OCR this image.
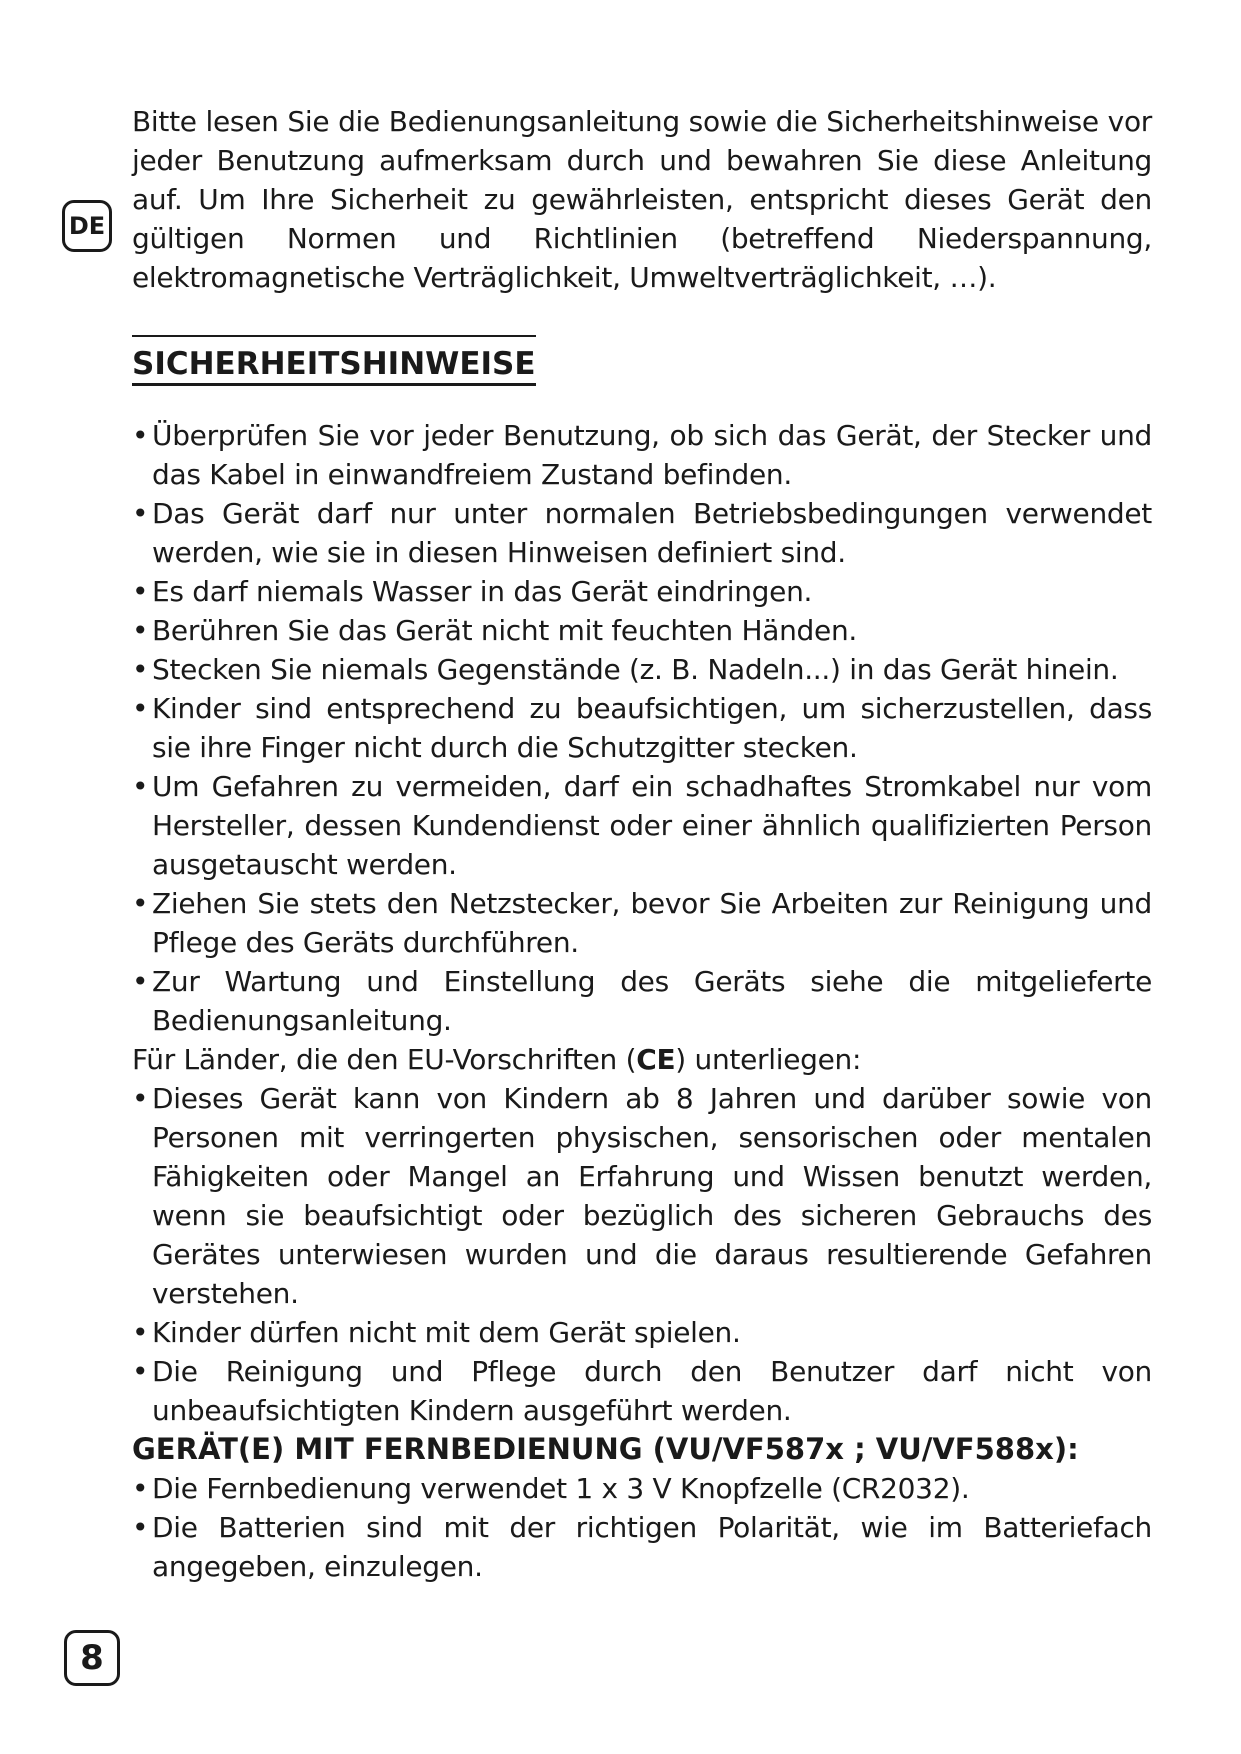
DE

Bitte lesen Sie die Bedienungsanleitung sowie die Sicherheitshinweise vor jeder Benutzung aufmerksam durch und bewahren Sie diese Anleitung auf. Um Ihre Sicherheit zu gewährleisten, entspricht dieses Gerät den gültigen Normen und Richtlinien (betreffend Niederspannung, elektromagnetische Verträglichkeit, Umweltverträglichkeit, …).

SICHERHEITSHINWEISE
• Überprüfen Sie vor jeder Benutzung, ob sich das Gerät, der Stecker und das Kabel in einwandfreiem Zustand befinden.
• Das Gerät darf nur unter normalen Betriebsbedingungen verwendet werden, wie sie in diesen Hinweisen definiert sind.
• Es darf niemals Wasser in das Gerät eindringen.
• Berühren Sie das Gerät nicht mit feuchten Händen.
• Stecken Sie niemals Gegenstände (z. B. Nadeln...) in das Gerät hinein.
• Kinder sind entsprechend zu beaufsichtigen, um sicherzustellen, dass sie ihre Finger nicht durch die Schutzgitter stecken.
• Um Gefahren zu vermeiden, darf ein schadhaftes Stromkabel nur vom Hersteller, dessen Kundendienst oder einer ähnlich qualifizierten Person ausgetauscht werden.
• Ziehen Sie stets den Netzstecker, bevor Sie Arbeiten zur Reinigung und Pflege des Geräts durchführen.
• Zur Wartung und Einstellung des Geräts siehe die mitgelieferte Bedienungsanleitung.

Für Länder, die den EU-Vorschriften (CE) unterliegen:

• Dieses Gerät kann von Kindern ab 8 Jahren und darüber sowie von Personen mit verringerten physischen, sensorischen oder mentalen Fähigkeiten oder Mangel an Erfahrung und Wissen benutzt werden, wenn sie beaufsichtigt oder bezüglich des sicheren Gebrauchs des Gerätes unterwiesen wurden und die daraus resultierende Gefahren verstehen.
• Kinder dürfen nicht mit dem Gerät spielen.
• Die Reinigung und Pflege durch den Benutzer darf nicht von unbeaufsichtigten Kindern ausgeführt werden.

GERÄT(E) MIT FERNBEDIENUNG (VU/VF587x ; VU/VF588x):

• Die Fernbedienung verwendet 1 x 3 V Knopfzelle (CR2032).
• Die Batterien sind mit der richtigen Polarität, wie im Batteriefach angegeben, einzulegen.
8
